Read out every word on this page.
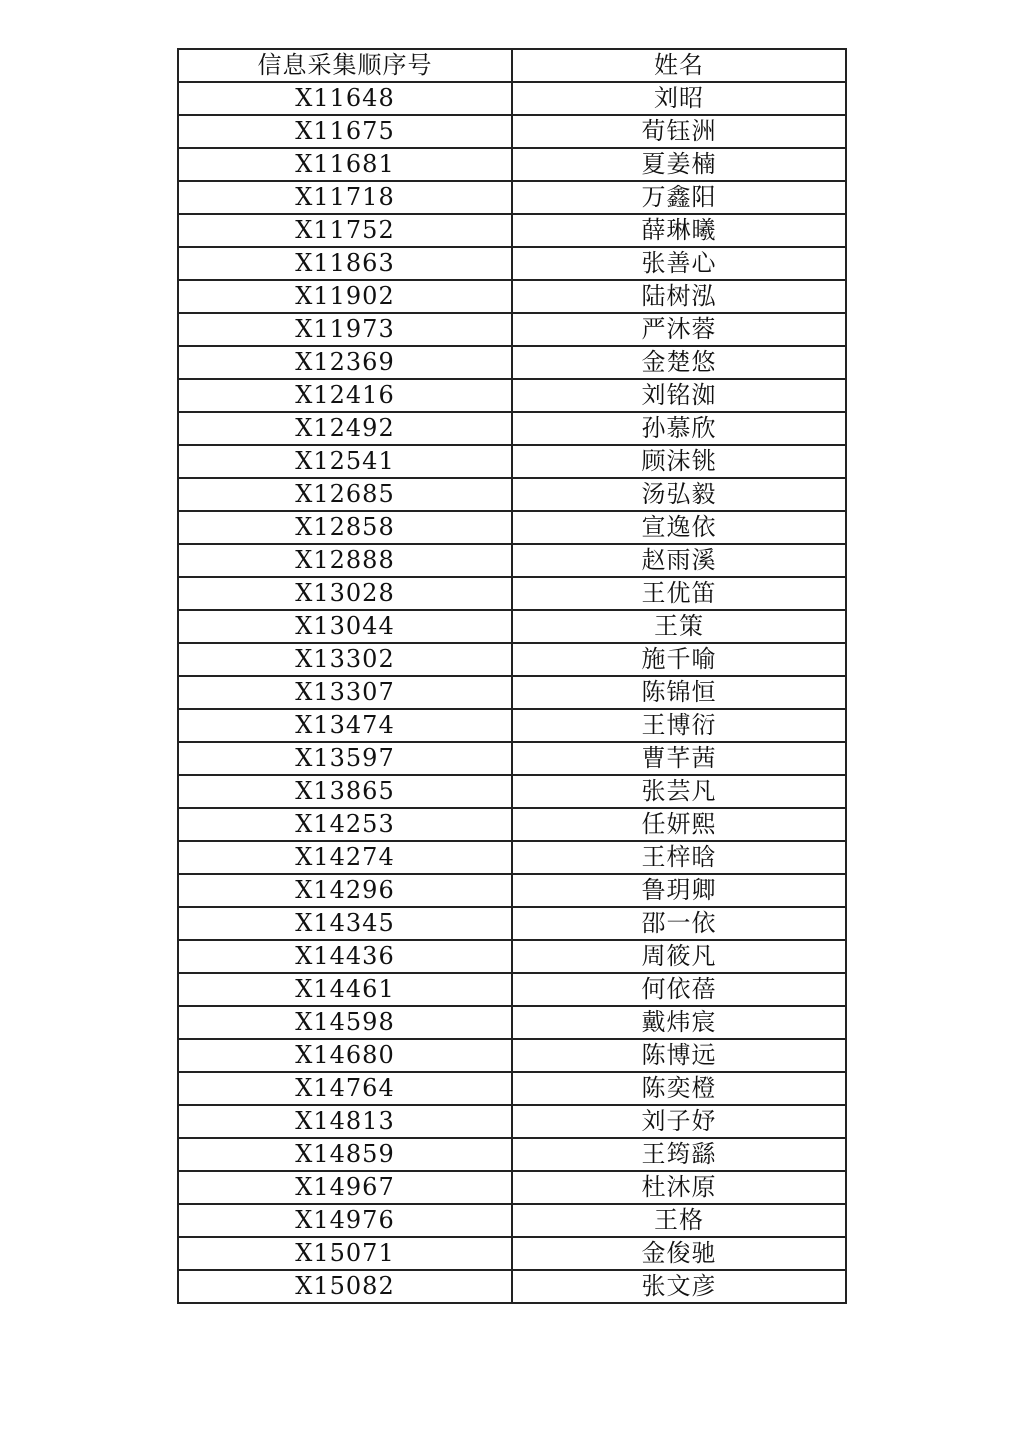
信息采集顺序号	姓名
X11648	刘昭
X11675	荀钰洲
X11681	夏姜楠
X11718	万鑫阳
X11752	薛琳曦
X11863	张善心
X11902	陆树泓
X11973	严沐蓉
X12369	金楚悠
X12416	刘铭洳
X12492	孙慕欣
X12541	顾沫铫
X12685	汤弘毅
X12858	宣逸依
X12888	赵雨溪
X13028	王优笛
X13044	王策
X13302	施千喻
X13307	陈锦恒
X13474	王博衍
X13597	曹芊茜
X13865	张芸凡
X14253	任妍熙
X14274	王梓晗
X14296	鲁玥卿
X14345	邵一依
X14436	周筱凡
X14461	何依蓓
X14598	戴炜宸
X14680	陈博远
X14764	陈奕橙
X14813	刘子妤
X14859	王筠繇
X14967	杜沐原
X14976	王格
X15071	金俊驰
X15082	张文彦
